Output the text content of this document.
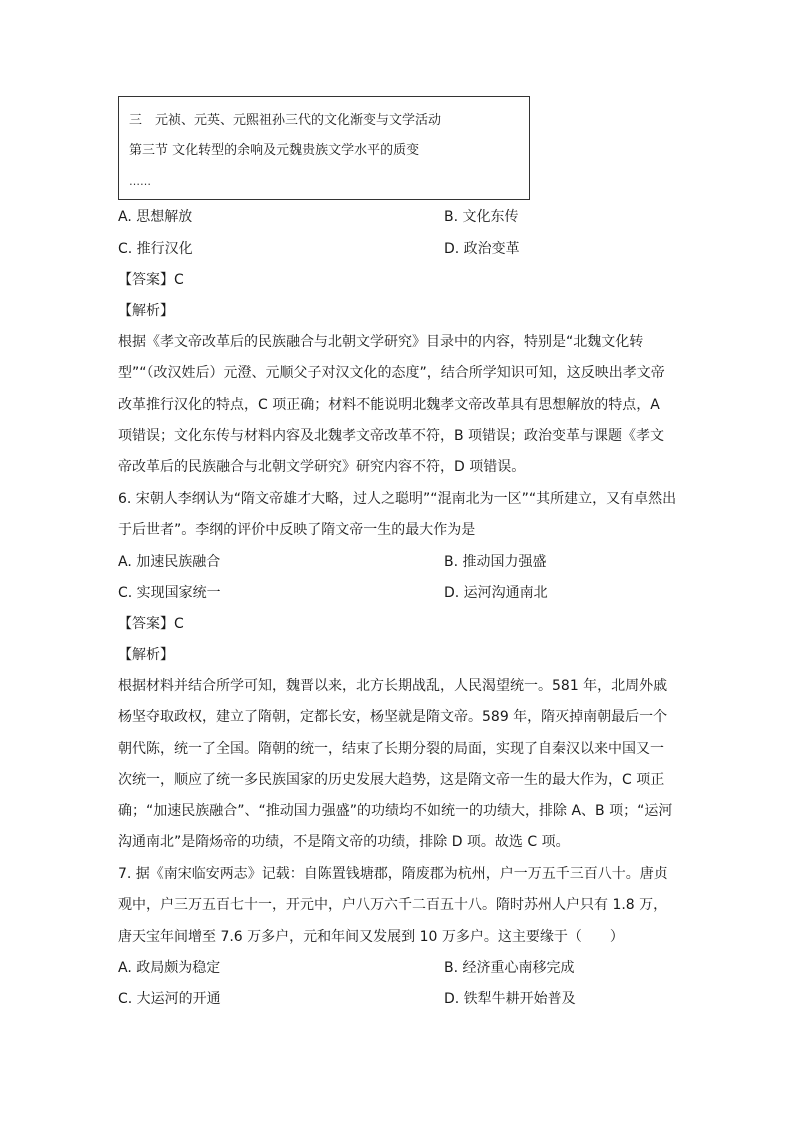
三　元祯、元英、元熙祖孙三代的文化渐变与文学活动
第三节 文化转型的余响及元魏贵族文学水平的质变
……
A. 思想解放	B. 文化东传
C. 推行汉化	D. 政治变革
【答案】C
【解析】
根据《孝文帝改革后的民族融合与北朝文学研究》目录中的内容，特别是“北魏文化转
型”“（改汉姓后）元澄、元顺父子对汉文化的态度”，结合所学知识可知，这反映出孝文帝
改革推行汉化的特点，C 项正确；材料不能说明北魏孝文帝改革具有思想解放的特点，A
项错误；文化东传与材料内容及北魏孝文帝改革不符，B 项错误；政治变革与课题《孝文
帝改革后的民族融合与北朝文学研究》研究内容不符，D 项错误。
6. 宋朝人李纲认为“隋文帝雄才大略，过人之聪明”“混南北为一区”“其所建立，又有卓然出
于后世者”。李纲的评价中反映了隋文帝一生的最大作为是
A. 加速民族融合	B. 推动国力强盛
C. 实现国家统一	D. 运河沟通南北
【答案】C
【解析】
根据材料并结合所学可知，魏晋以来，北方长期战乱，人民渴望统一。581 年，北周外戚
杨坚夺取政权，建立了隋朝，定都长安，杨坚就是隋文帝。589 年，隋灭掉南朝最后一个
朝代陈，统一了全国。隋朝的统一，结束了长期分裂的局面，实现了自秦汉以来中国又一
次统一，顺应了统一多民族国家的历史发展大趋势，这是隋文帝一生的最大作为，C 项正
确；“加速民族融合”、“推动国力强盛”的功绩均不如统一的功绩大，排除 A、B 项；“运河
沟通南北”是隋炀帝的功绩，不是隋文帝的功绩，排除 D 项。故选 C 项。
7. 据《南宋临安两志》记载：自陈置钱塘郡，隋废郡为杭州，户一万五千三百八十。唐贞
观中，户三万五百七十一，开元中，户八万六千二百五十八。隋时苏州人户只有 1.8 万，
唐天宝年间增至 7.6 万多户，元和年间又发展到 10 万多户。这主要缘于（　　）
A. 政局颇为稳定	B. 经济重心南移完成
C. 大运河的开通	D. 铁犁牛耕开始普及
